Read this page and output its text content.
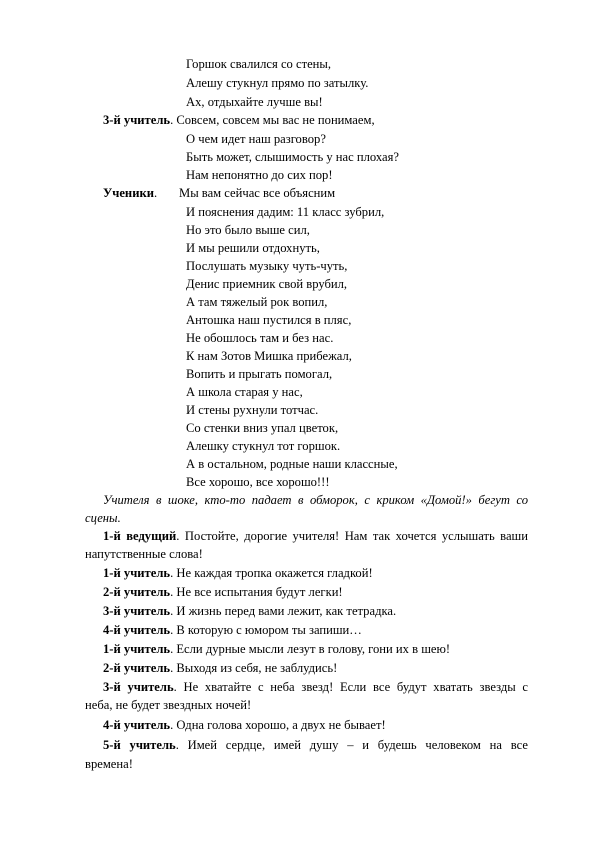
Горшок свалился со стены,
Алешу стукнул прямо по затылку.
Ах, отдыхайте лучше вы!
3-й учитель. Совсем, совсем мы вас не понимаем,
О чем идет наш разговор?
Быть может, слышимость у нас плохая?
Нам непонятно до сих пор!
Ученики. Мы вам сейчас все объясним
И пояснения дадим: 11 класс зубрил,
Но это было выше сил,
И мы решили отдохнуть,
Послушать музыку чуть-чуть,
Денис приемник свой врубил,
А там тяжелый рок вопил,
Антошка наш пустился в пляс,
Не обошлось там и без нас.
К нам Зотов Мишка прибежал,
Вопить и прыгать помогал,
А школа старая у нас,
И стены рухнули тотчас.
Со стенки вниз упал цветок,
Алешку стукнул тот горшок.
А в остальном, родные наши классные,
Все хорошо, все хорошо!!!
Учителя в шоке, кто-то падает в обморок, с криком «Домой!» бегут со
сцены.
1-й ведущий. Постойте, дорогие учителя! Нам так хочется услышать ваши
напутственные слова!
1-й учитель. Не каждая тропка окажется гладкой!
2-й учитель. Не все испытания будут легки!
3-й учитель. И жизнь перед вами лежит, как тетрадка.
4-й учитель. В которую с юмором ты запиши…
1-й учитель. Если дурные мысли лезут в голову, гони их в шею!
2-й учитель. Выходя из себя, не заблудись!
3-й учитель. Не хватайте с неба звезд! Если все будут хватать звезды с
неба, не будет звездных ночей!
4-й учитель. Одна голова хорошо, а двух не бывает!
5-й учитель. Имей сердце, имей душу – и будешь человеком на все
времена!
